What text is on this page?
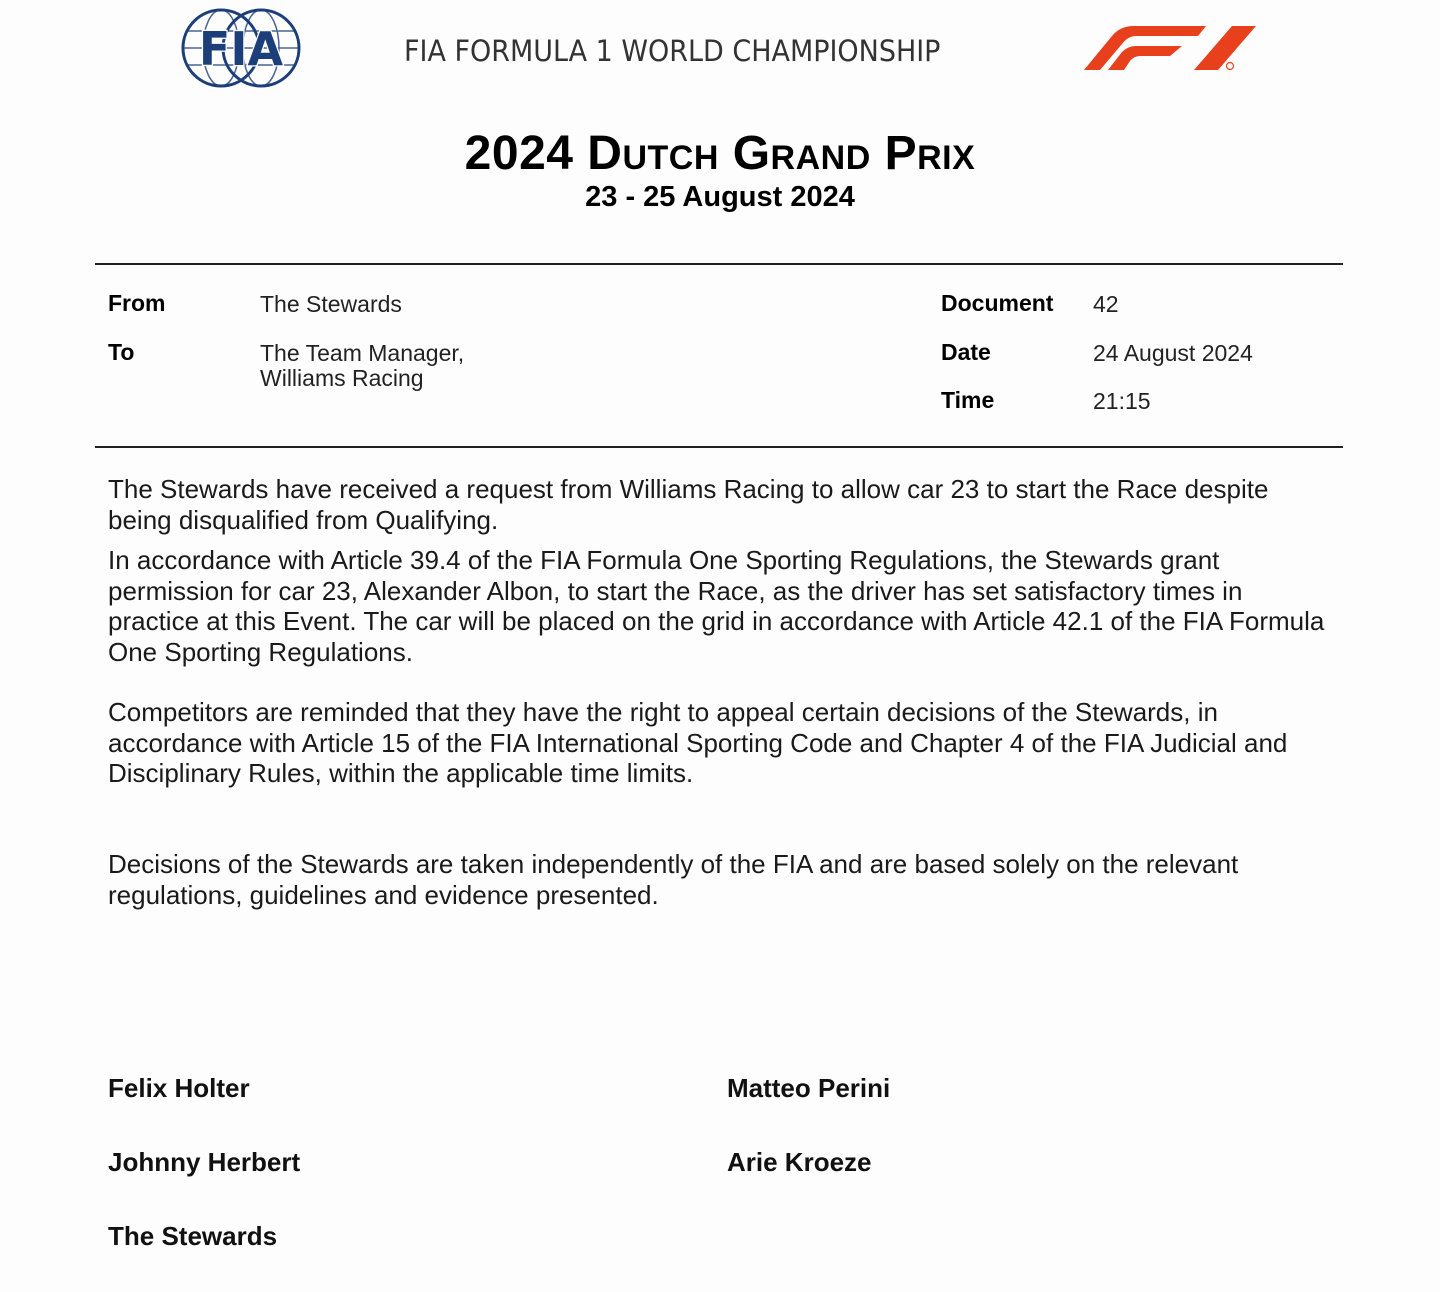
FIA	FIA FORMULA 1 WORLD CHAMPIONSHIP
2024 Dutch Grand Prix
23 - 25 August 2024
From	The Stewards
To	The Team Manager,
Williams Racing
Document 42
Date	24 August 2024
Time	21:15

The Stewards have received a request from Williams Racing to allow car 23 to start the Race despite being disqualified from Qualifying.

In accordance with Article 39.4 of the FIA Formula One Sporting Regulations, the Stewards grant permission for car 23, Alexander Albon, to start the Race, as the driver has set satisfactory times in practice at this Event. The car will be placed on the grid in accordance with Article 42.1 of the FIA Formula One Sporting Regulations.

Competitors are reminded that they have the right to appeal certain decisions of the Stewards, in accordance with Article 15 of the FIA International Sporting Code and Chapter 4 of the FIA Judicial and Disciplinary Rules, within the applicable time limits.

Decisions of the Stewards are taken independently of the FIA and are based solely on the relevant regulations, guidelines and evidence presented.

Felix Holter	Matteo Perini
Johnny Herbert	Arie Kroeze
The Stewards
